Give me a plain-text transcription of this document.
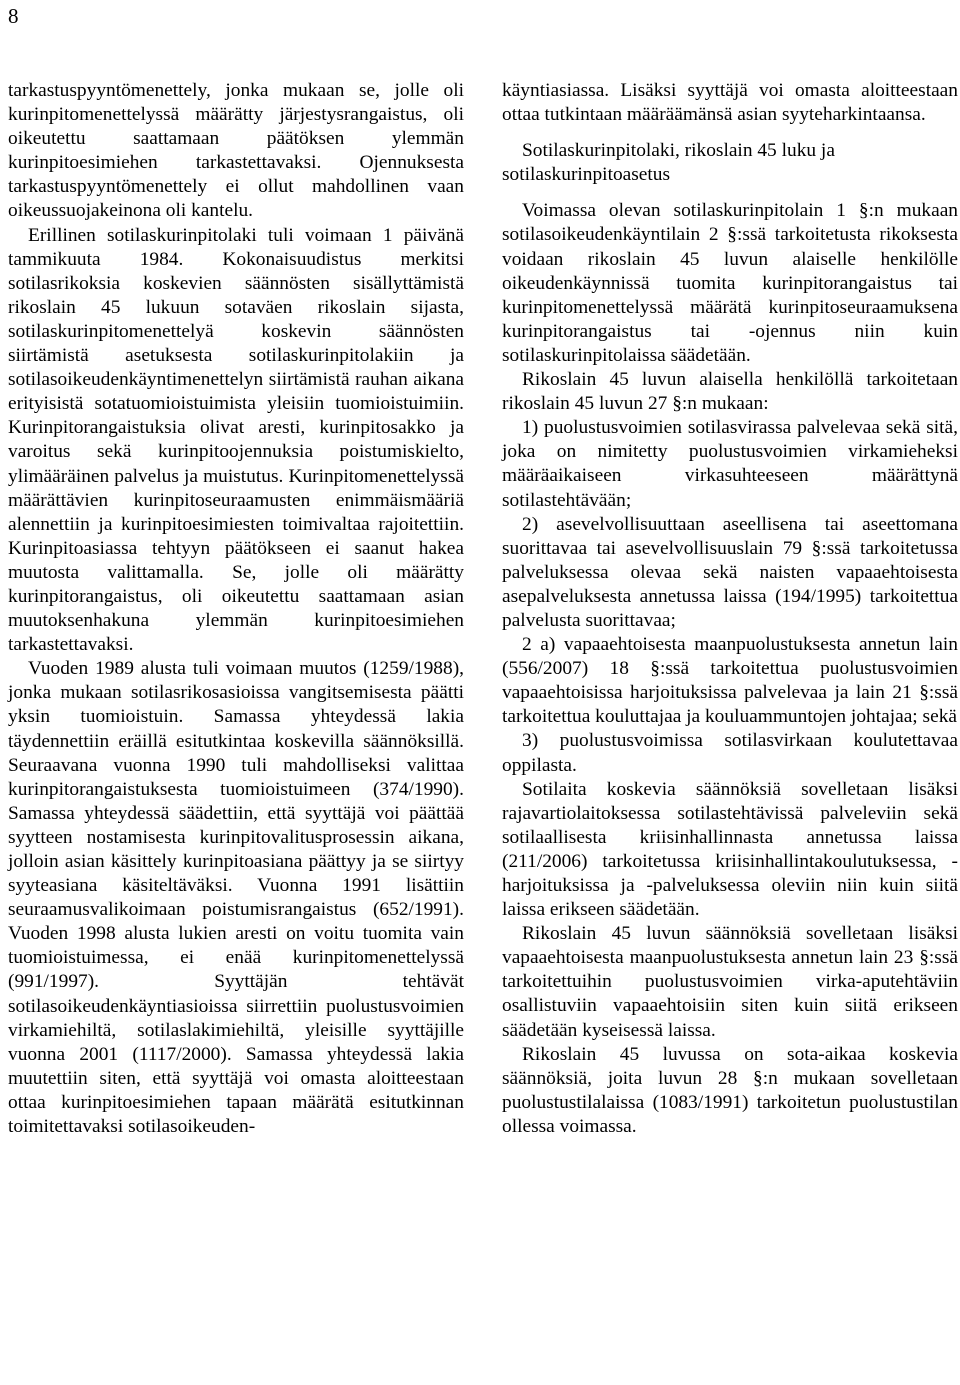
8

tarkastuspyyntömenettely, jonka mukaan se, jolle oli kurinpitomenettelyssä määrätty järjestysrangaistus, oli oikeutettu saattamaan päätöksen ylemmän kurinpitoesimiehen tarkastettavaksi. Ojennuksesta tarkastuspyyntömenettely ei ollut mahdollinen vaan oikeussuojakeinona oli kantelu.

Erillinen sotilaskurinpitolaki tuli voimaan 1 päivänä tammikuuta 1984. Kokonaisuudistus merkitsi sotilasrikoksia koskevien säännösten sisällyttämistä rikoslain 45 lukuun sotaväen rikoslain sijasta, sotilaskurinpitomenettelyä koskevin säännösten siirtämistä asetuksesta sotilaskurinpitolakiin ja sotilasoikeudenkäyntimenettelyn siirtämistä rauhan aikana erityisistä sotatuomioistuimista yleisiin tuomioistuimiin. Kurinpitorangaistuksia olivat aresti, kurinpitosakko ja varoitus sekä kurinpitoojennuksia poistumiskielto, ylimääräinen palvelus ja muistutus. Kurinpitomenettelyssä määrättävien kurinpitoseuraamusten enimmäismääriä alennettiin ja kurinpitoesimiesten toimivaltaa rajoitettiin. Kurinpitoasiassa tehtyyn päätökseen ei saanut hakea muutosta valittamalla. Se, jolle oli määrätty kurinpitorangaistus, oli oikeutettu saattamaan asian muutoksenhakuna ylemmän kurinpitoesimiehen tarkastettavaksi.

Vuoden 1989 alusta tuli voimaan muutos (1259/1988), jonka mukaan sotilasrikosasioissa vangitsemisesta päätti yksin tuomioistuin. Samassa yhteydessä lakia täydennettiin eräillä esitutkintaa koskevilla säännöksillä. Seuraavana vuonna 1990 tuli mahdolliseksi valittaa kurinpitorangaistuksesta tuomioistuimeen (374/1990). Samassa yhteydessä säädettiin, että syyttäjä voi päättää syytteen nostamisesta kurinpitovalitusprosessin aikana, jolloin asian käsittely kurinpitoasiana päättyy ja se siirtyy syyteasiana käsiteltäväksi. Vuonna 1991 lisättiin seuraamusvalikoimaan poistumisrangaistus (652/1991). Vuoden 1998 alusta lukien aresti on voitu tuomita vain tuomioistuimessa, ei enää kurinpitomenettelyssä (991/1997). Syyttäjän tehtävät sotilasoikeudenkäyntiasioissa siirrettiin puolustusvoimien virkamiehiltä, sotilaslakimiehiltä, yleisille syyttäjille vuonna 2001 (1117/2000). Samassa yhteydessä lakia muutettiin siten, että syyttäjä voi omasta aloitteestaan ottaa kurinpitoesimiehen tapaan määrätä esitutkinnan toimitettavaksi sotilasoikeuden-

käyntiasiassa. Lisäksi syyttäjä voi omasta aloitteestaan ottaa tutkintaan määräämänsä asian syyteharkintaansa.

Sotilaskurinpitolaki, rikoslain 45 luku ja sotilaskurinpitoasetus

Voimassa olevan sotilaskurinpitolain 1 §:n mukaan sotilasoikeudenkäyntilain 2 §:ssä tarkoitetusta rikoksesta voidaan rikoslain 45 luvun alaiselle henkilölle oikeudenkäynnissä tuomita kurinpitorangaistus tai kurinpitomenettelyssä määrätä kurinpitoseuraamuksena kurinpitorangaistus tai -ojennus niin kuin sotilaskurinpitolaissa säädetään.

Rikoslain 45 luvun alaisella henkilöllä tarkoitetaan rikoslain 45 luvun 27 §:n mukaan:

1) puolustusvoimien sotilasvirassa palvelevaa sekä sitä, joka on nimitetty puolustusvoimien virkamieheksi määräaikaiseen virkasuhteeseen määrättynä sotilastehtävään;

2) asevelvollisuuttaan aseellisena tai aseettomana suorittavaa tai asevelvollisuuslain 79 §:ssä tarkoitetussa palveluksessa olevaa sekä naisten vapaaehtoisesta asepalveluksesta annetussa laissa (194/1995) tarkoitettua palvelusta suorittavaa;

2 a) vapaaehtoisesta maanpuolustuksesta annetun lain (556/2007) 18 §:ssä tarkoitettua puolustusvoimien vapaaehtoisissa harjoituksissa palvelevaa ja lain 21 §:ssä tarkoitettua kouluttajaa ja kouluammuntojen johtajaa; sekä

3) puolustusvoimissa sotilasvirkaan koulutettavaa oppilasta.

Sotilaita koskevia säännöksiä sovelletaan lisäksi rajavartiolaitoksessa sotilastehtävissä palveleviin sekä sotilaallisesta kriisinhallinnasta annetussa laissa (211/2006) tarkoitetussa kriisinhallintakoulutuksessa, -harjoituksissa ja -palveluksessa oleviin niin kuin siitä laissa erikseen säädetään.

Rikoslain 45 luvun säännöksiä sovelletaan lisäksi vapaaehtoisesta maanpuolustuksesta annetun lain 23 §:ssä tarkoitettuihin puolustusvoimien virka-aputehtäviin osallistuviin vapaaehtoisiin siten kuin siitä erikseen säädetään kyseisessä laissa.

Rikoslain 45 luvussa on sota-aikaa koskevia säännöksiä, joita luvun 28 §:n mukaan sovelletaan puolustustilalaissa (1083/1991) tarkoitetun puolustustilan ollessa voimassa.
